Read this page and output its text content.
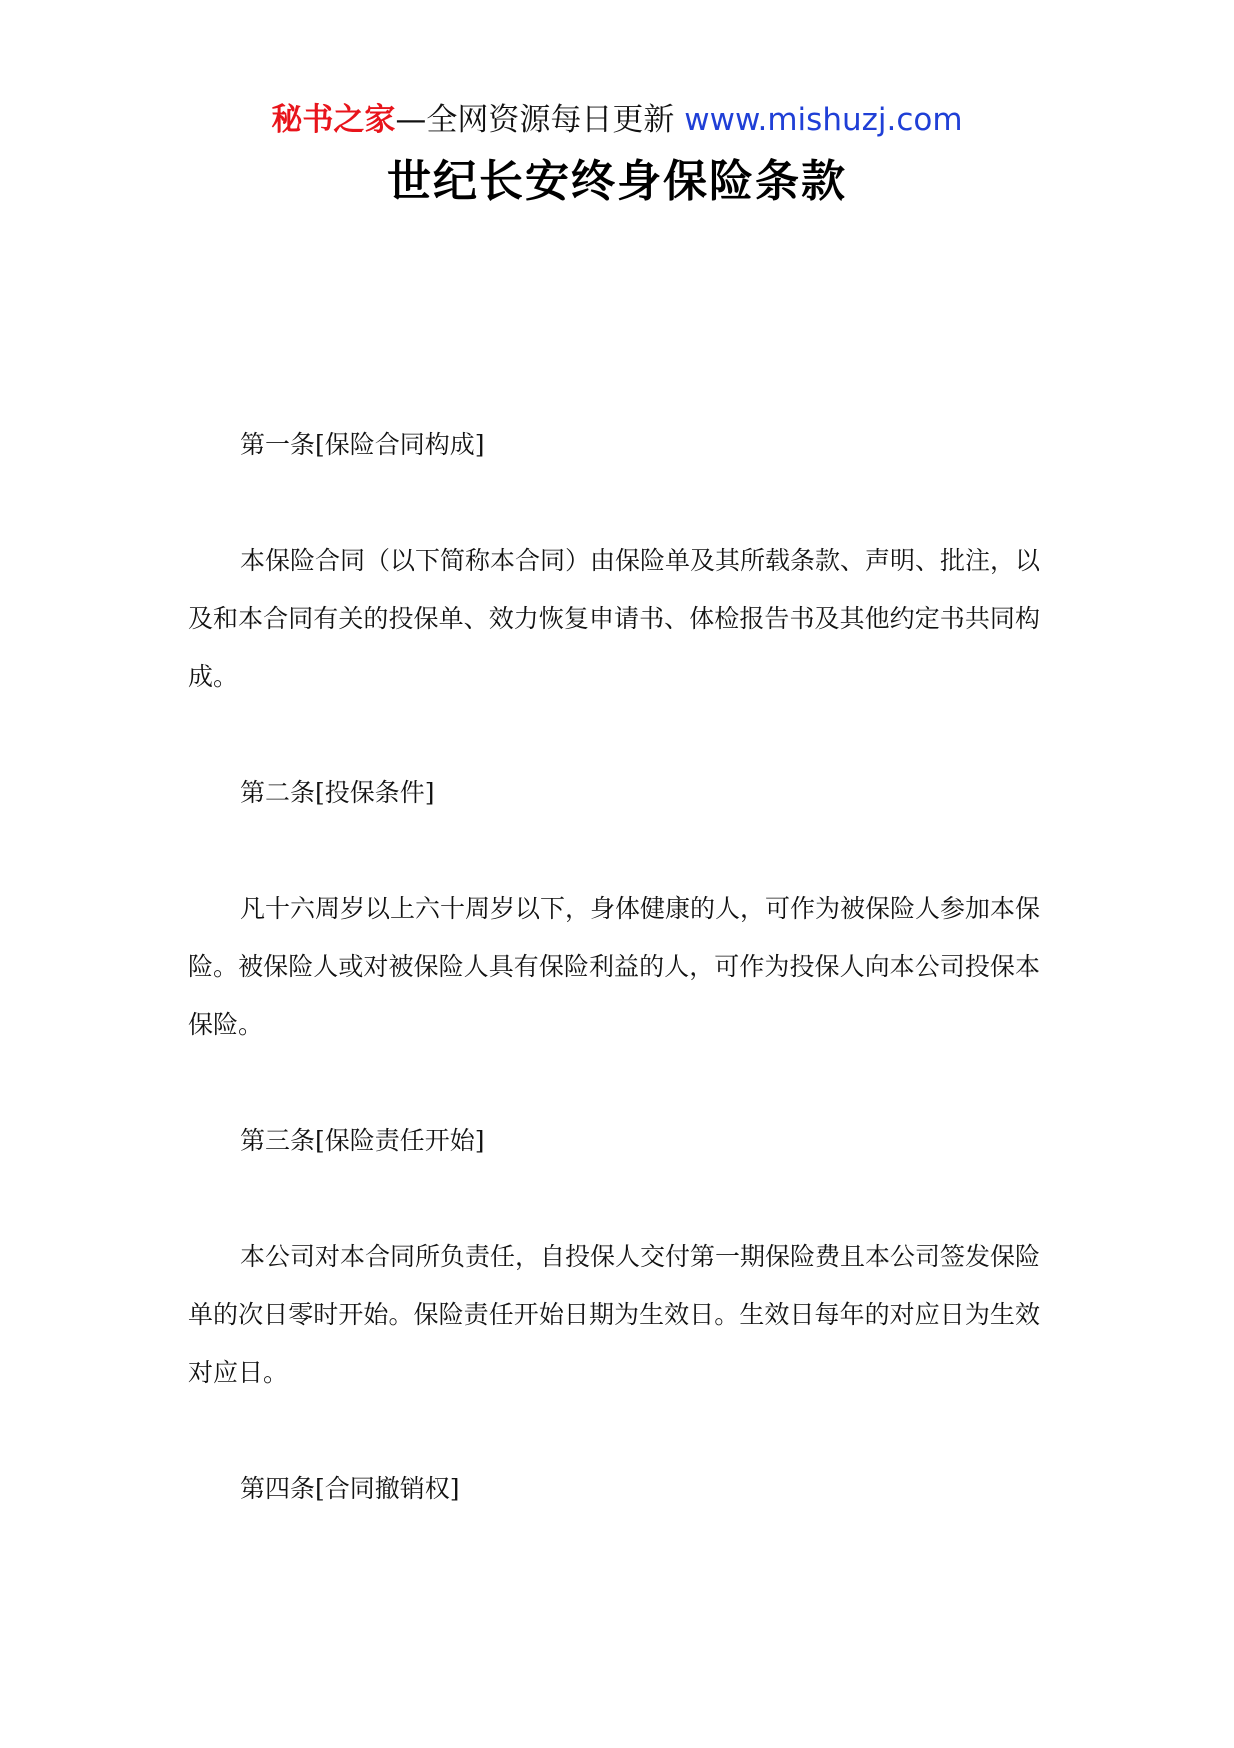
秘书之家—全网资源每日更新 www.mishuzj.com
世纪长安终身保险条款

第一条[保险合同构成]

本保险合同（以下简称本合同）由保险单及其所载条款、声明、批注，以及和本合同有关的投保单、效力恢复申请书、体检报告书及其他约定书共同构成。

第二条[投保条件]

凡十六周岁以上六十周岁以下，身体健康的人，可作为被保险人参加本保险。被保险人或对被保险人具有保险利益的人，可作为投保人向本公司投保本保险。

第三条[保险责任开始]

本公司对本合同所负责任，自投保人交付第一期保险费且本公司签发保险单的次日零时开始。保险责任开始日期为生效日。生效日每年的对应日为生效对应日。

第四条[合同撤销权]
